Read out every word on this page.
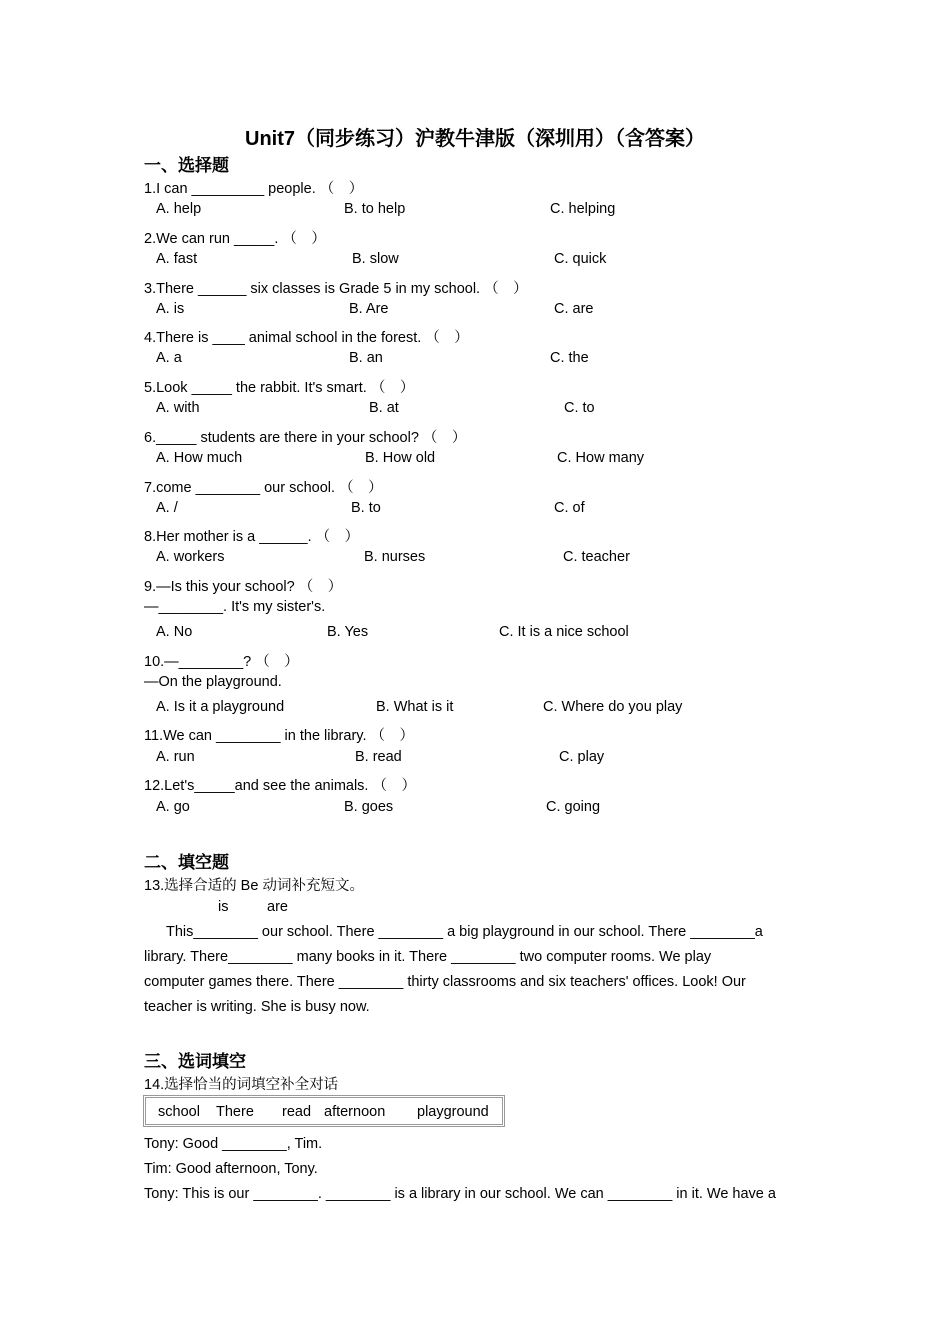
Unit7（同步练习）沪教牛津版（深圳用）（含答案）
一、选择题
1.I can _________ people. （　）
A. help	B. to help	C. helping
2.We can run _____. （　）
A. fast	B. slow	C. quick
3.There ______ six classes is Grade 5 in my school. （　）
A. is	B. Are	C. are
4.There is ____ animal school in the forest. （　）
A. a	B. an	C. the
5.Look _____ the rabbit. It's smart. （　）
A. with	B. at	C. to
6._____ students are there in your school? （　）
A. How much	B. How old	C. How many
7.come ________ our school. （　）
A. /	B. to	C. of
8.Her mother is a ______. （　）
A. workers	B. nurses	C. teacher
9.—Is this your school? （　）
—________. It's my sister's.
A. No	B. Yes	C. It is a nice school
10.—________? （　）
—On the playground.
A. Is it a playground	B. What is it	C. Where do you play
11.We can ________ in the library. （　）
A. run	B. read	C. play
12.Let's_____and see the animals. （　）
A. go	B. goes	C. going
二、填空题
13.选择合适的 Be 动词补充短文。
is	are
This________ our school. There ________ a big playground in our school. There ________a
library. There________ many books in it. There ________ two computer rooms. We play
computer games there. There ________ thirty classrooms and six teachers' offices. Look! Our
teacher is writing. She is busy now.
三、选词填空
14.选择恰当的词填空补全对话
school There read afternoon playground
Tony: Good ________, Tim.
Tim: Good afternoon, Tony.
Tony: This is our ________. ________ is a library in our school. We can ________ in it. We have a
